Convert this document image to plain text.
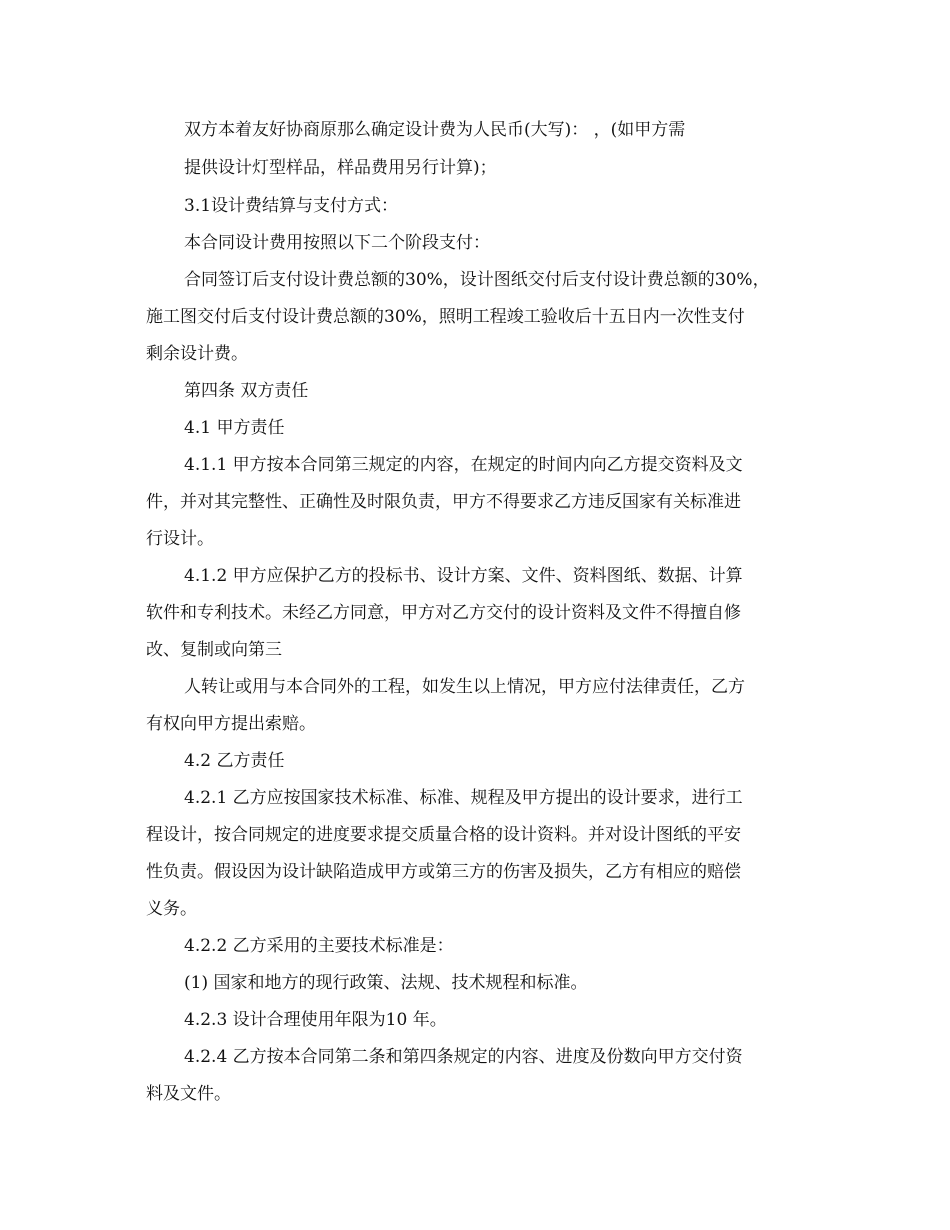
双方本着友好协商原那么确定设计费为人民币(大写)： ，(如甲方需

提供设计灯型样品，样品费用另行计算)；

3.1设计费结算与支付方式：

本合同设计费用按照以下二个阶段支付：

合同签订后支付设计费总额的30%，设计图纸交付后支付设计费总额的30%，

施工图交付后支付设计费总额的30%，照明工程竣工验收后十五日内一次性支付

剩余设计费。

第四条 双方责任

4.1 甲方责任

4.1.1 甲方按本合同第三规定的内容，在规定的时间内向乙方提交资料及文

件，并对其完整性、正确性及时限负责，甲方不得要求乙方违反国家有关标准进

行设计。

4.1.2 甲方应保护乙方的投标书、设计方案、文件、资料图纸、数据、计算

软件和专利技术。未经乙方同意，甲方对乙方交付的设计资料及文件不得擅自修

改、复制或向第三

人转让或用与本合同外的工程，如发生以上情况，甲方应付法律责任，乙方

有权向甲方提出索赔。

4.2 乙方责任

4.2.1 乙方应按国家技术标准、标准、规程及甲方提出的设计要求，进行工

程设计，按合同规定的进度要求提交质量合格的设计资料。并对设计图纸的平安

性负责。假设因为设计缺陷造成甲方或第三方的伤害及损失，乙方有相应的赔偿

义务。

4.2.2 乙方采用的主要技术标准是：

(1) 国家和地方的现行政策、法规、技术规程和标准。

4.2.3 设计合理使用年限为10 年。

4.2.4 乙方按本合同第二条和第四条规定的内容、进度及份数向甲方交付资

料及文件。
